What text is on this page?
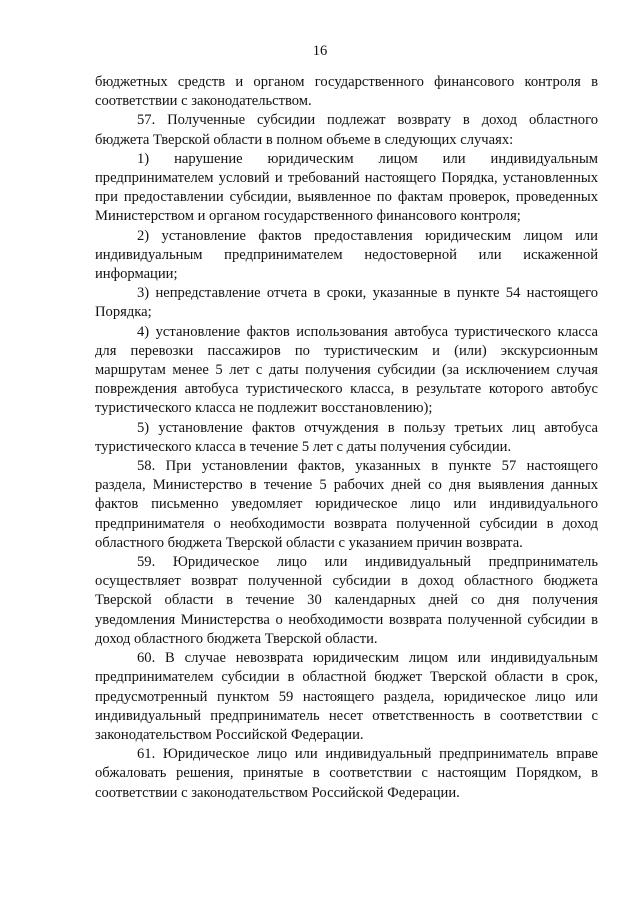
16

бюджетных средств и органом государственного финансового контроля в соответствии с законодательством.

57. Полученные субсидии подлежат возврату в доход областного бюджета Тверской области в полном объеме в следующих случаях:

1) нарушение юридическим лицом или индивидуальным предпринимателем условий и требований настоящего Порядка, установленных при предоставлении субсидии, выявленное по фактам проверок, проведенных Министерством и органом государственного финансового контроля;

2) установление фактов предоставления юридическим лицом или индивидуальным предпринимателем недостоверной или искаженной информации;

3) непредставление отчета в сроки, указанные в пункте 54 настоящего Порядка;

4) установление фактов использования автобуса туристического класса для перевозки пассажиров по туристическим и (или) экскурсионным маршрутам менее 5 лет с даты получения субсидии (за исключением случая повреждения автобуса туристического класса, в результате которого автобус туристического класса не подлежит восстановлению);

5) установление фактов отчуждения в пользу третьих лиц автобуса туристического класса в течение 5 лет с даты получения субсидии.

58. При установлении фактов, указанных в пункте 57 настоящего раздела, Министерство в течение 5 рабочих дней со дня выявления данных фактов письменно уведомляет юридическое лицо или индивидуального предпринимателя о необходимости возврата полученной субсидии в доход областного бюджета Тверской области с указанием причин возврата.

59. Юридическое лицо или индивидуальный предприниматель осуществляет возврат полученной субсидии в доход областного бюджета Тверской области в течение 30 календарных дней со дня получения уведомления Министерства о необходимости возврата полученной субсидии в доход областного бюджета Тверской области.

60. В случае невозврата юридическим лицом или индивидуальным предпринимателем субсидии в областной бюджет Тверской области в срок, предусмотренный пунктом 59 настоящего раздела, юридическое лицо или индивидуальный предприниматель несет ответственность в соответствии с законодательством Российской Федерации.

61. Юридическое лицо или индивидуальный предприниматель вправе обжаловать решения, принятые в соответствии с настоящим Порядком, в соответствии с законодательством Российской Федерации.
